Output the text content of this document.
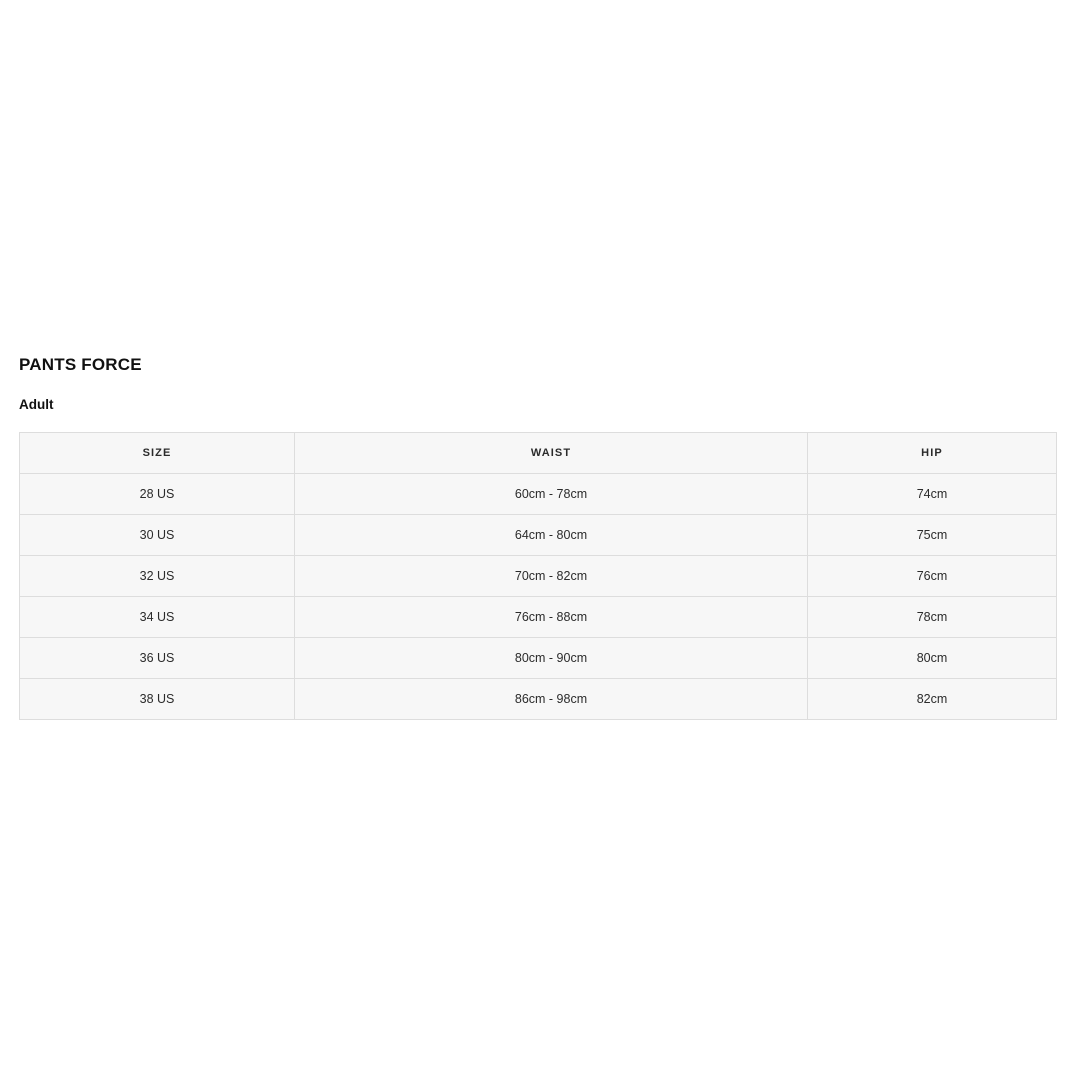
PANTS FORCE
Adult
SIZE	WAIST	HIP
28 US	60cm - 78cm	74cm
30 US	64cm - 80cm	75cm
32 US	70cm - 82cm	76cm
34 US	76cm - 88cm	78cm
36 US	80cm - 90cm	80cm
38 US	86cm - 98cm	82cm
